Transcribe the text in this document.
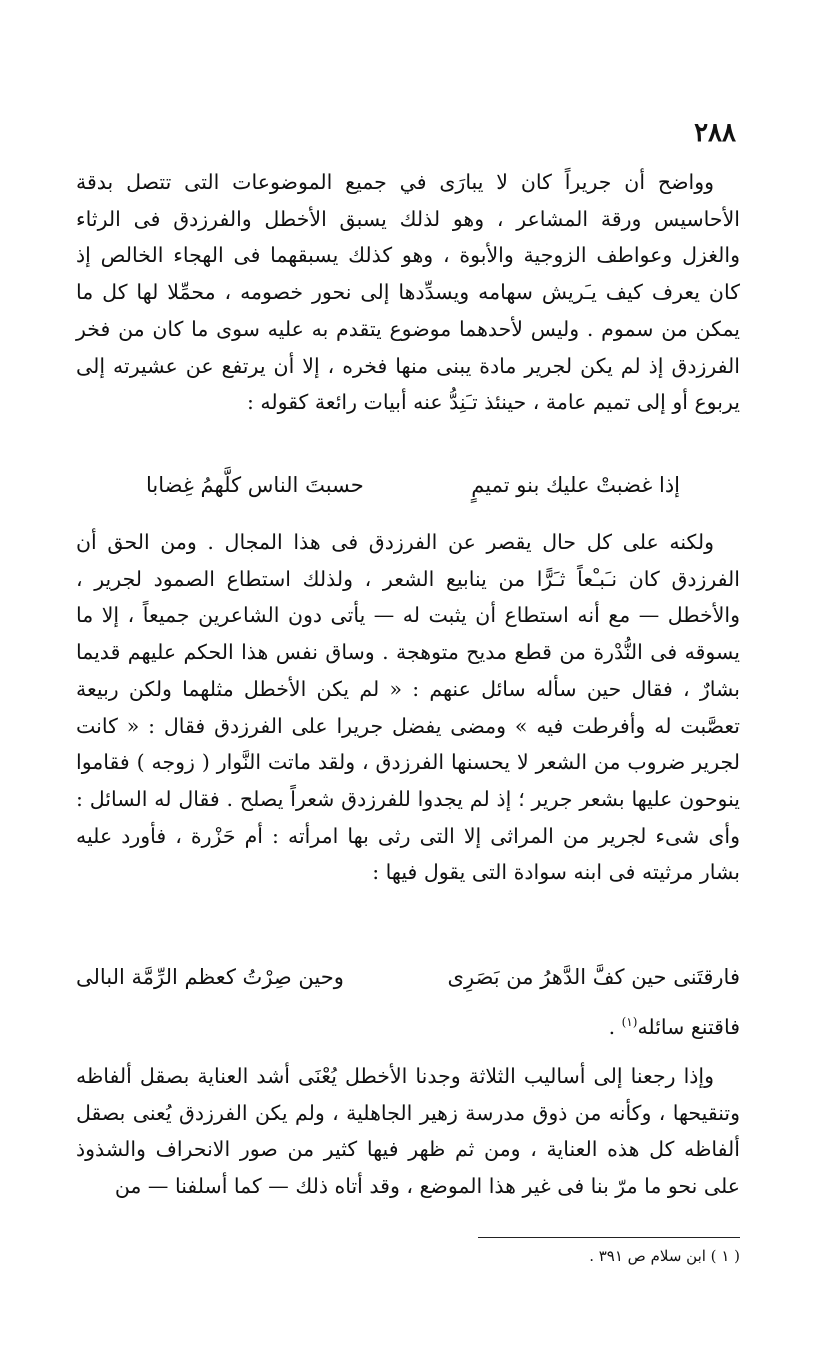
٢٨٨
وواضح أن جريراً كان لا يبارَى في جميع الموضوعات التى تتصل بدقة الأحاسيس ورقة المشاعر ، وهو لذلك يسبق الأخطل والفرزدق فى الرثاء والغزل وعواطف الزوجية والأبوة ، وهو كذلك يسبقهما فى الهجاء الخالص إذ كان يعرف كيف يـَريش سهامه ويسدِّدها إلى نحور خصومه ، محمِّلا لها كل ما يمكن من سموم . وليس لأحدهما موضوع يتقدم به عليه سوى ما كان من فخر الفرزدق إذ لم يكن لجرير مادة يبنى منها فخره ، إلا أن يرتفع عن عشيرته إلى يربوع أو إلى تميم عامة ، حينئذ تـَنِدُّ عنه أبيات رائعة كقوله :
إذا غضبتْ عليك بنو تميمٍ
حسبتَ الناس كلَّهمُ غِضابا
ولكنه على كل حال يقصر عن الفرزدق فى هذا المجال . ومن الحق أن الفرزدق كان نـَبـْعاً ثـَرًّا من ينابيع الشعر ، ولذلك استطاع الصمود لجرير ، والأخطل — مع أنه استطاع أن يثبت له — يأتى دون الشاعرين جميعاً ، إلا ما يسوقه فى النُّدْرة من قطع مديح متوهجة . وساق نفس هذا الحكم عليهم قديما بشارٌ ، فقال حين سأله سائل عنهم : « لم يكن الأخطل مثلهما ولكن ربيعة تعصَّبت له وأفرطت فيه » ومضى يفضل جريرا على الفرزدق فقال : « كانت لجرير ضروب من الشعر لا يحسنها الفرزدق ، ولقد ماتت النَّوار ( زوجه ) فقاموا ينوحون عليها بشعر جرير ؛ إذ لم يجدوا للفرزدق شعراً يصلح . فقال له السائل : وأى شىء لجرير من المراثى إلا التى رثى بها امرأته : أم حَزْرة ، فأورد عليه بشار مرثيته فى ابنه سوادة التى يقول فيها :
فارقتَنى حين كفَّ الدَّهرُ من بَصَرِى
وحين صِرْتُ كعظم الرِّمَّة البالى
فاقتنع سائله$^{(١)}$ .
وإذا رجعنا إلى أساليب الثلاثة وجدنا الأخطل يُعْنَى أشد العناية بصقل ألفاظه وتنقيحها ، وكأنه من ذوق مدرسة زهير الجاهلية ، ولم يكن الفرزدق يُعنى بصقل ألفاظه كل هذه العناية ، ومن ثم ظهر فيها كثير من صور الانحراف والشذوذ على نحو ما مرّ بنا فى غير هذا الموضع ، وقد أتاه ذلك — كما أسلفنا — من
( ١ ) ابن سلام ص ٣٩١ .
